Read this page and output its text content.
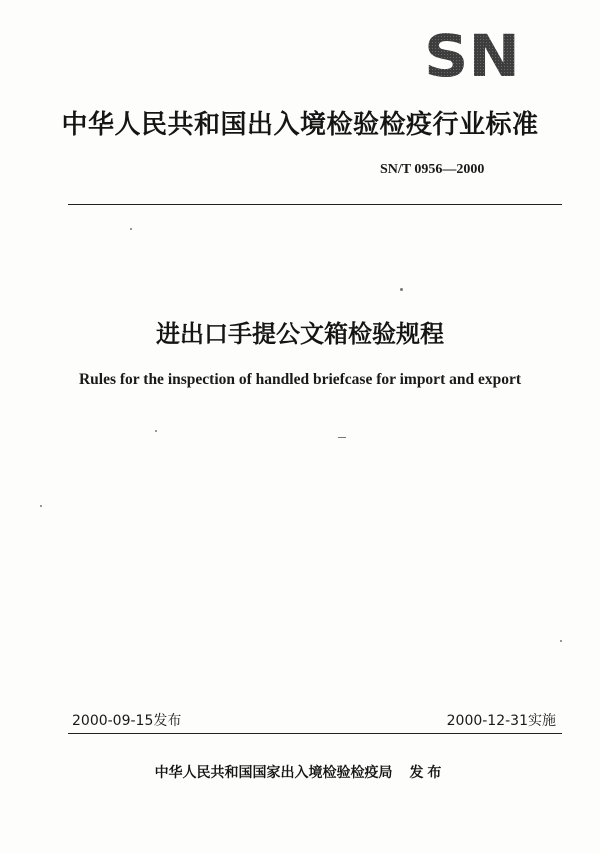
SN
中华人民共和国出入境检验检疫行业标准
SN/T 0956—2000
进出口手提公文箱检验规程
Rules for the inspection of handled briefcase for import and export
2000-09-15发布	2000-12-31实施
中华人民共和国国家出入境检验检疫局 发布
